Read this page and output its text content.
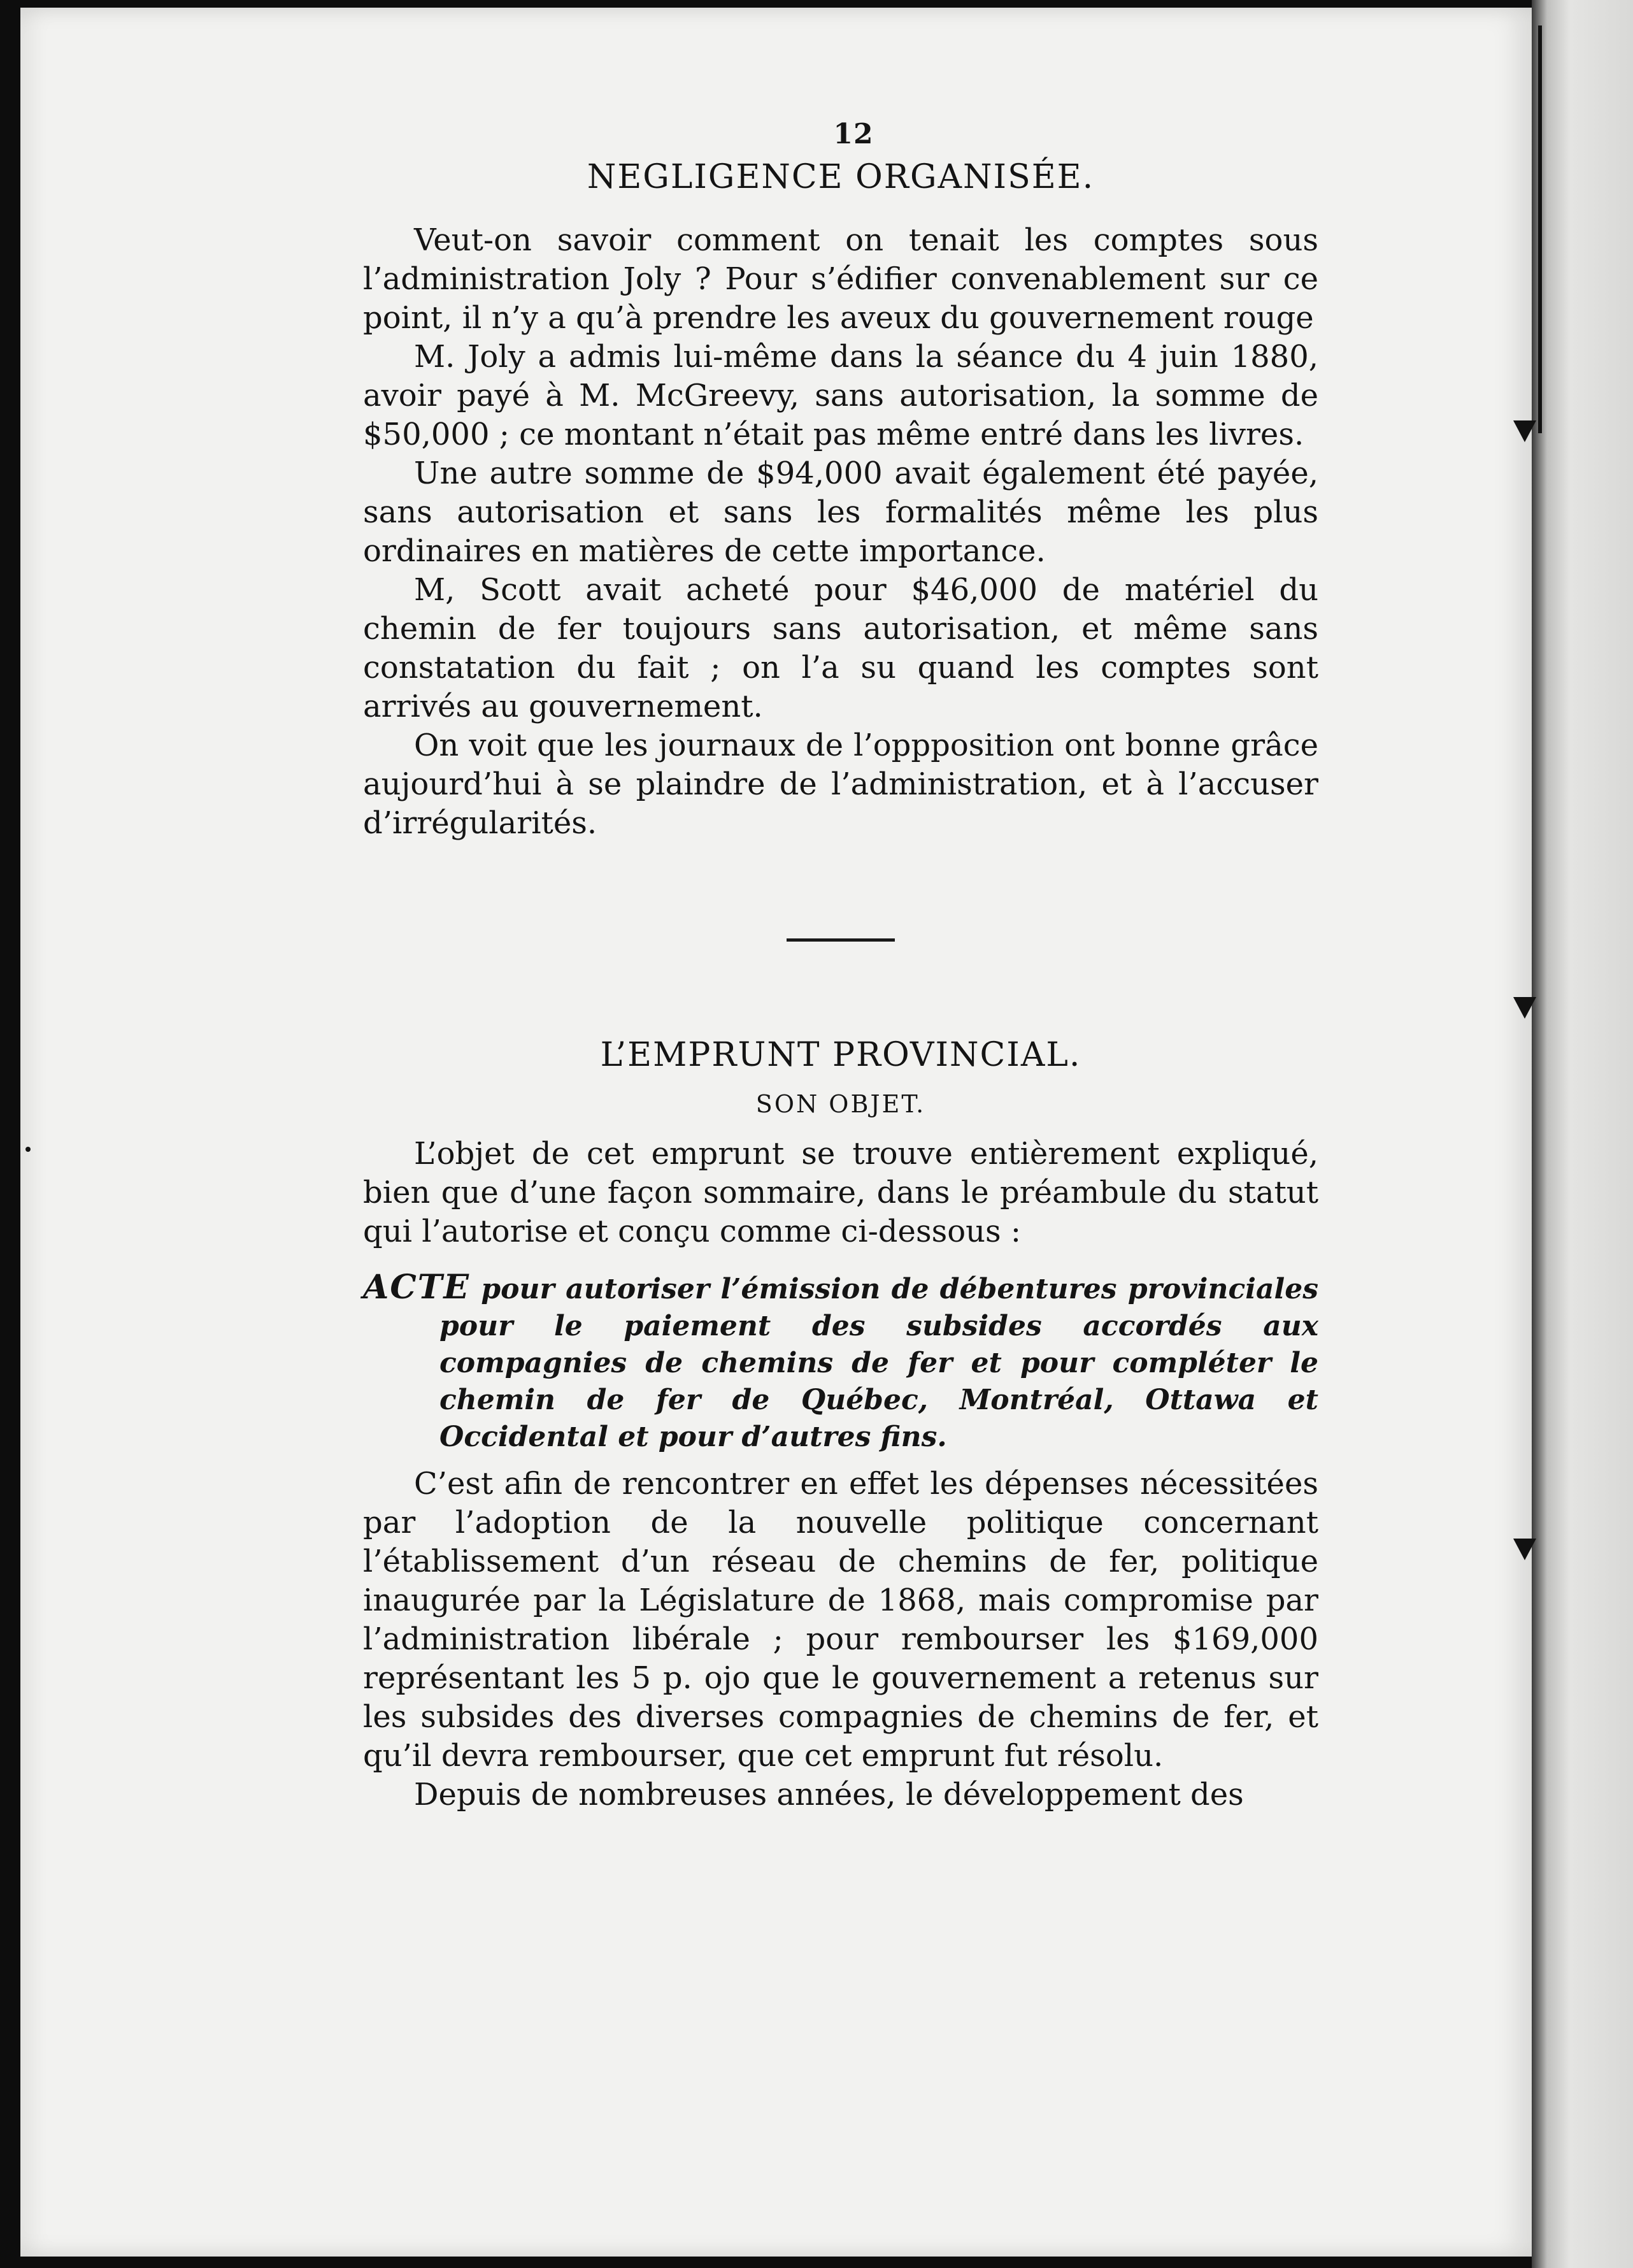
12
NEGLIGENCE ORGANISÉE.

Veut-on savoir comment on tenait les comptes sous l’administration Joly ? Pour s’édifier convenablement sur ce point, il n’y a qu’à prendre les aveux du gouvernement rouge

M. Joly a admis lui-même dans la séance du 4 juin 1880, avoir payé à M. McGreevy, sans autorisation, la somme de $50,000 ; ce montant n’était pas même entré dans les livres.

Une autre somme de $94,000 avait également été payée, sans autorisation et sans les formalités même les plus ordinaires en matières de cette importance.

M, Scott avait acheté pour $46,000 de matériel du chemin de fer toujours sans autorisation, et même sans constatation du fait ; on l’a su quand les comptes sont arrivés au gouvernement.

On voit que les journaux de l’oppposition ont bonne grâce aujourd’hui à se plaindre de l’administration, et à l’accuser d’irrégularités.

L’EMPRUNT PROVINCIAL.
SON OBJET.

L’objet de cet emprunt se trouve entièrement expliqué, bien que d’une façon sommaire, dans le préambule du statut qui l’autorise et conçu comme ci-dessous :

ACTE pour autoriser l’émission de débentures provinciales pour le paiement des subsides accordés aux compagnies de chemins de fer et pour compléter le chemin de fer de Québec, Montréal, Ottawa et Occidental et pour d’autres fins.

C’est afin de rencontrer en effet les dépenses nécessitées par l’adoption de la nouvelle politique concernant l’établissement d’un réseau de chemins de fer, politique inaugurée par la Législature de 1868, mais compromise par l’administration libérale ; pour rembourser les $169,000 représentant les 5 p. ojo que le gouvernement a retenus sur les subsides des diverses compagnies de chemins de fer, et qu’il devra rembourser, que cet emprunt fut résolu.

Depuis de nombreuses années, le développement des
